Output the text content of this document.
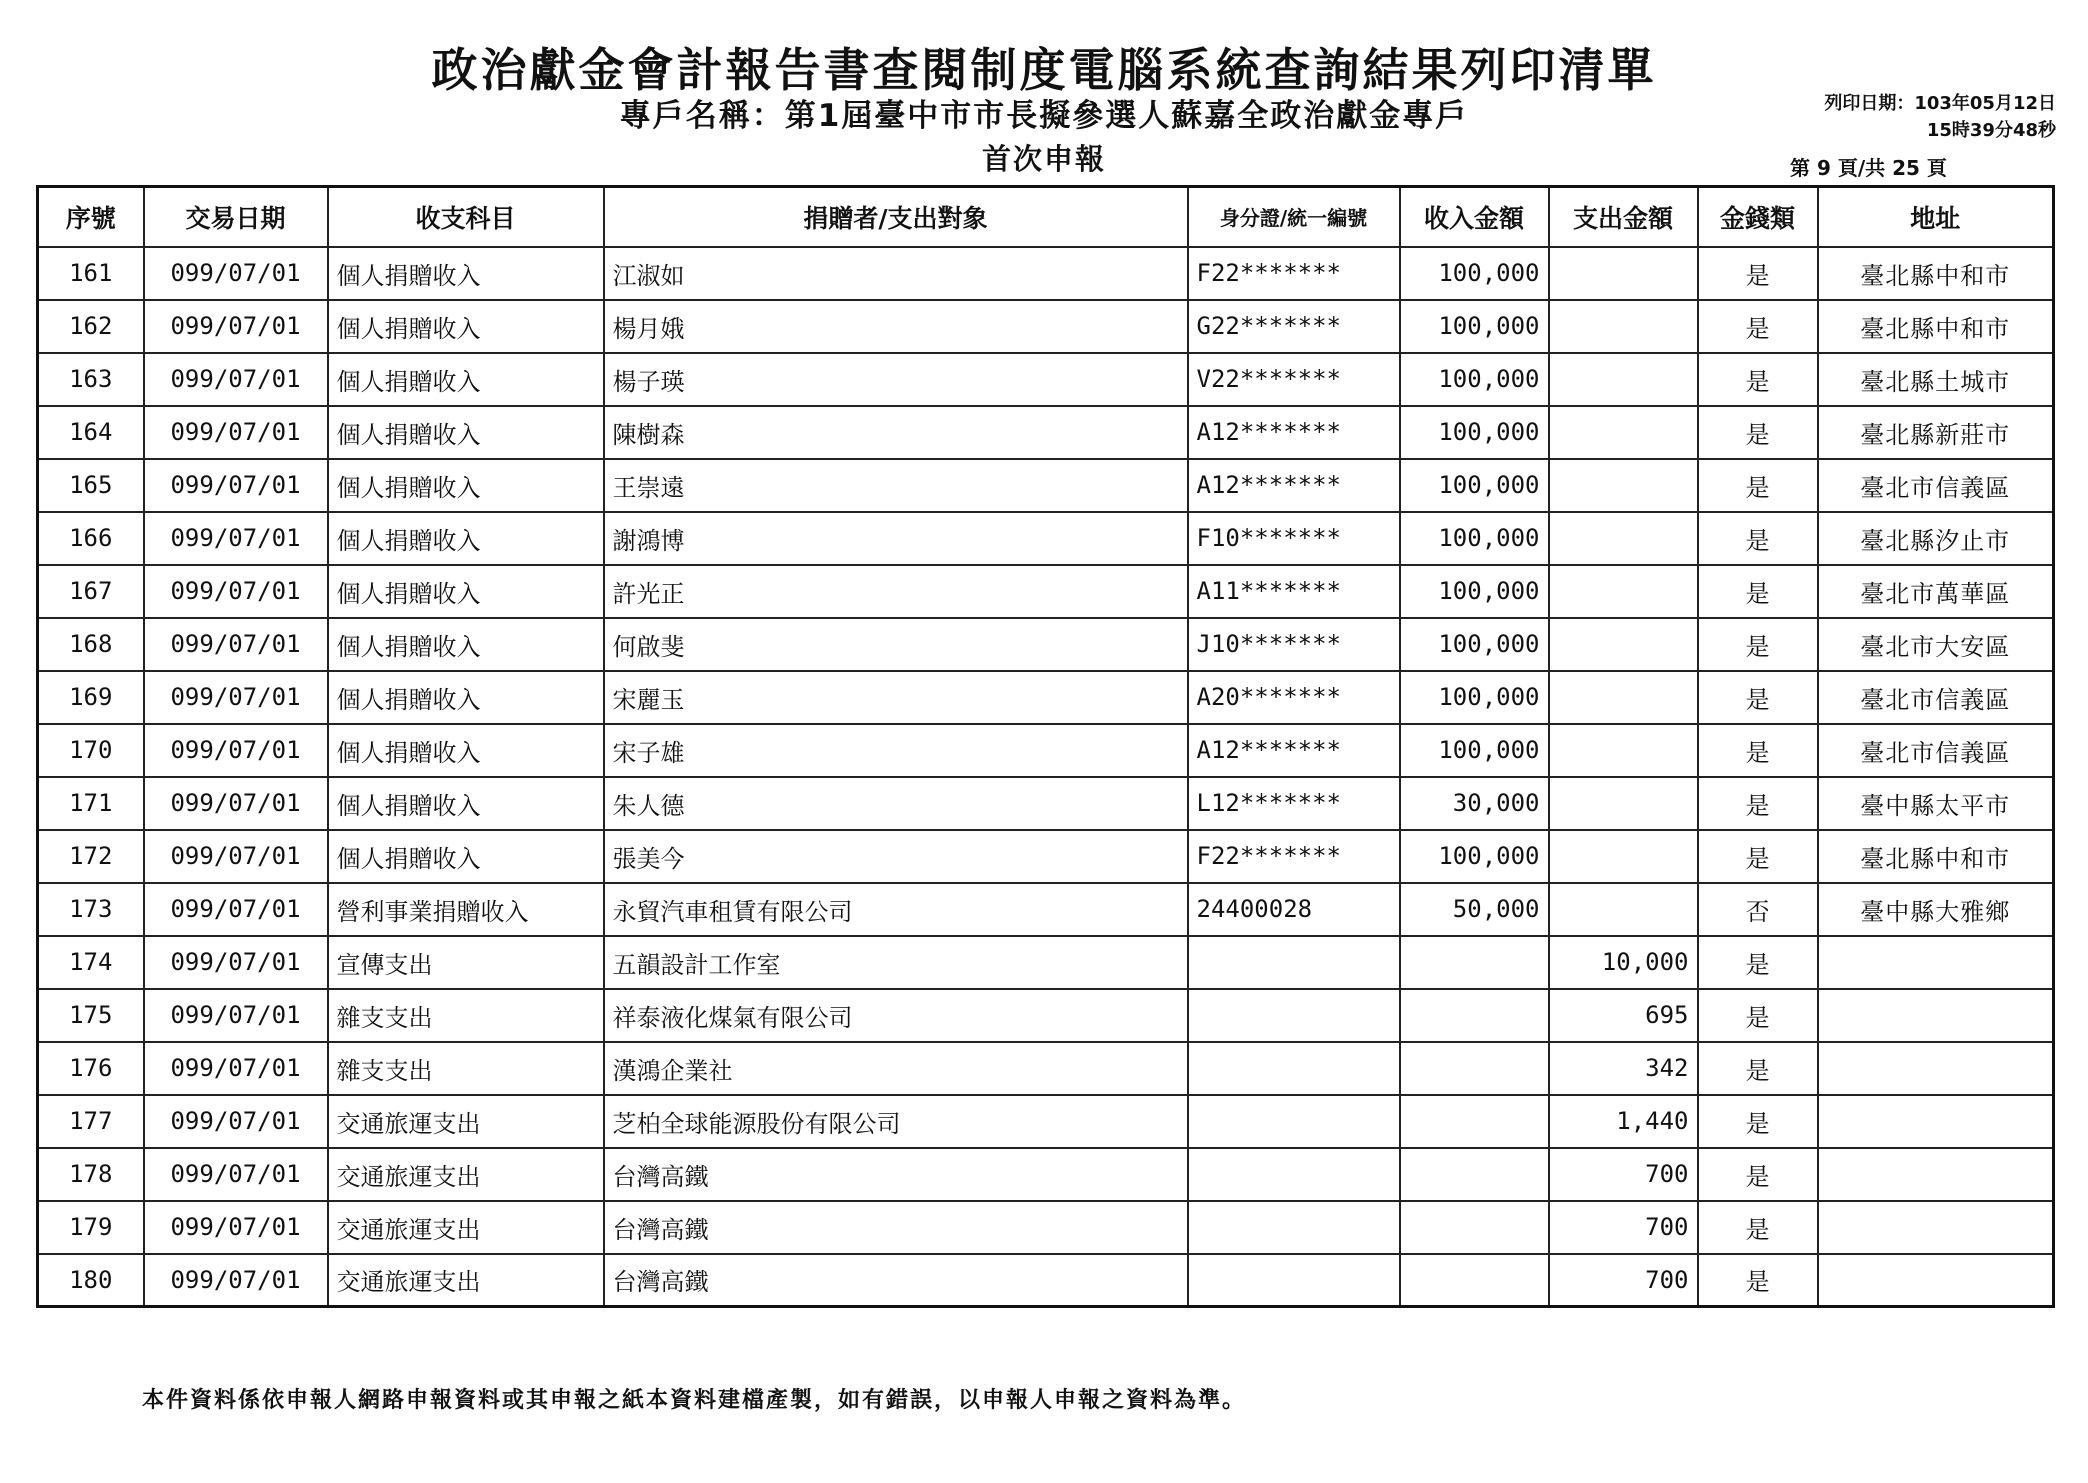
政治獻金會計報告書查閱制度電腦系統查詢結果列印清單
專戶名稱：第1屆臺中市市長擬參選人蘇嘉全政治獻金專戶
首次申報
列印日期：103年05月12日
15時39分48秒
第 9 頁/共 25 頁
序號	交易日期	收支科目	捐贈者/支出對象	身分證/統一編號	收入金額	支出金額	金錢類	地址
161	099/07/01	個人捐贈收入	江淑如	F22*******	100,000		是	臺北縣中和市
162	099/07/01	個人捐贈收入	楊月娥	G22*******	100,000		是	臺北縣中和市
163	099/07/01	個人捐贈收入	楊子瑛	V22*******	100,000		是	臺北縣土城市
164	099/07/01	個人捐贈收入	陳樹森	A12*******	100,000		是	臺北縣新莊市
165	099/07/01	個人捐贈收入	王崇遠	A12*******	100,000		是	臺北市信義區
166	099/07/01	個人捐贈收入	謝鴻博	F10*******	100,000		是	臺北縣汐止市
167	099/07/01	個人捐贈收入	許光正	A11*******	100,000		是	臺北市萬華區
168	099/07/01	個人捐贈收入	何啟斐	J10*******	100,000		是	臺北市大安區
169	099/07/01	個人捐贈收入	宋麗玉	A20*******	100,000		是	臺北市信義區
170	099/07/01	個人捐贈收入	宋子雄	A12*******	100,000		是	臺北市信義區
171	099/07/01	個人捐贈收入	朱人德	L12*******	30,000		是	臺中縣太平市
172	099/07/01	個人捐贈收入	張美今	F22*******	100,000		是	臺北縣中和市
173	099/07/01	營利事業捐贈收入	永貿汽車租賃有限公司	24400028	50,000		否	臺中縣大雅鄉
174	099/07/01	宣傳支出	五韻設計工作室			10,000	是	
175	099/07/01	雜支支出	祥泰液化煤氣有限公司			695	是	
176	099/07/01	雜支支出	漢鴻企業社			342	是	
177	099/07/01	交通旅運支出	芝柏全球能源股份有限公司			1,440	是	
178	099/07/01	交通旅運支出	台灣高鐵			700	是	
179	099/07/01	交通旅運支出	台灣高鐵			700	是	
180	099/07/01	交通旅運支出	台灣高鐵			700	是	
本件資料係依申報人網路申報資料或其申報之紙本資料建檔產製，如有錯誤，以申報人申報之資料為準。
